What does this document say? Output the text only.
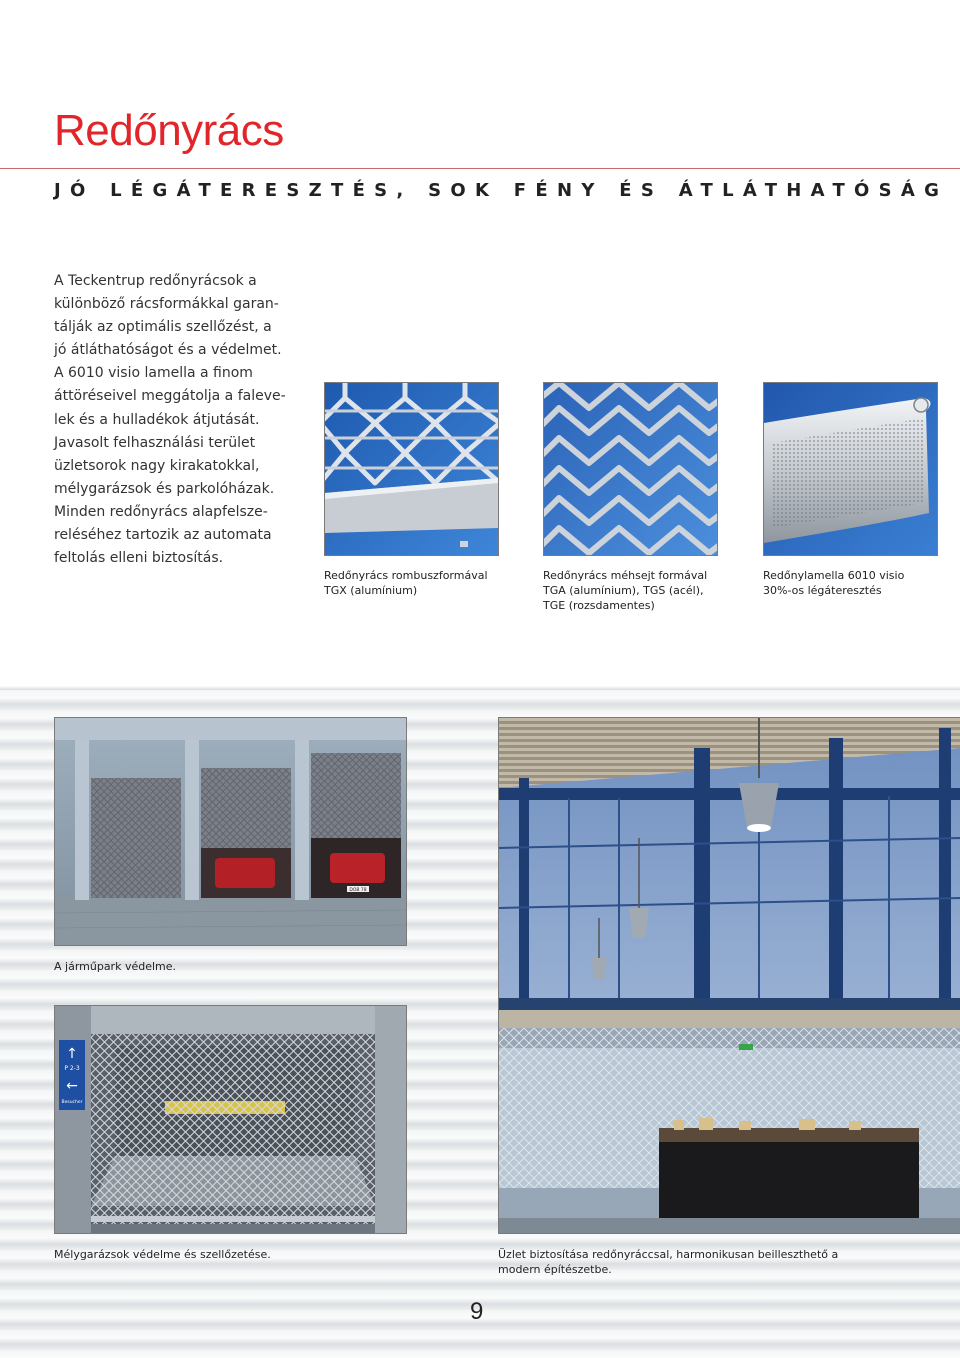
Redőnyrács
JÓ LÉGÁTERESZTÉS, SOK FÉNY ÉS ÁTLÁTHATÓSÁG

A Teckentrup redőnyrácsok a

különböző rácsformákkal garan-

tálják az optimális szellőzést, a

jó átláthatóságot és a védelmet.

A 6010 visio lamella a finom

áttöréseivel meggátolja a faleve-

lek és a hulladékok átjutását.

Javasolt felhasználási terület

üzletsorok nagy kirakatokkal,

mélygarázsok és parkolóházak.

Minden redőnyrács alapfelsze-

reléséhez tartozik az automata

feltolás elleni biztosítás.

Redőnyrács rombuszformával
TGX (alumínium)
Redőnyrács méhsejt formával
TGA (alumínium), TGS (acél),
TGE (rozsdamentes)
Redőnylamella 6010 visio
30%-os légáteresztés
DOB 78
A járműpark védelme.
↑
P 2-3
←
Besucher
Mélygarázsok védelme és szellőzetése.	Üzlet biztosítása redőnyráccsal, harmonikusan beilleszthető a
modern építészetbe.
9
